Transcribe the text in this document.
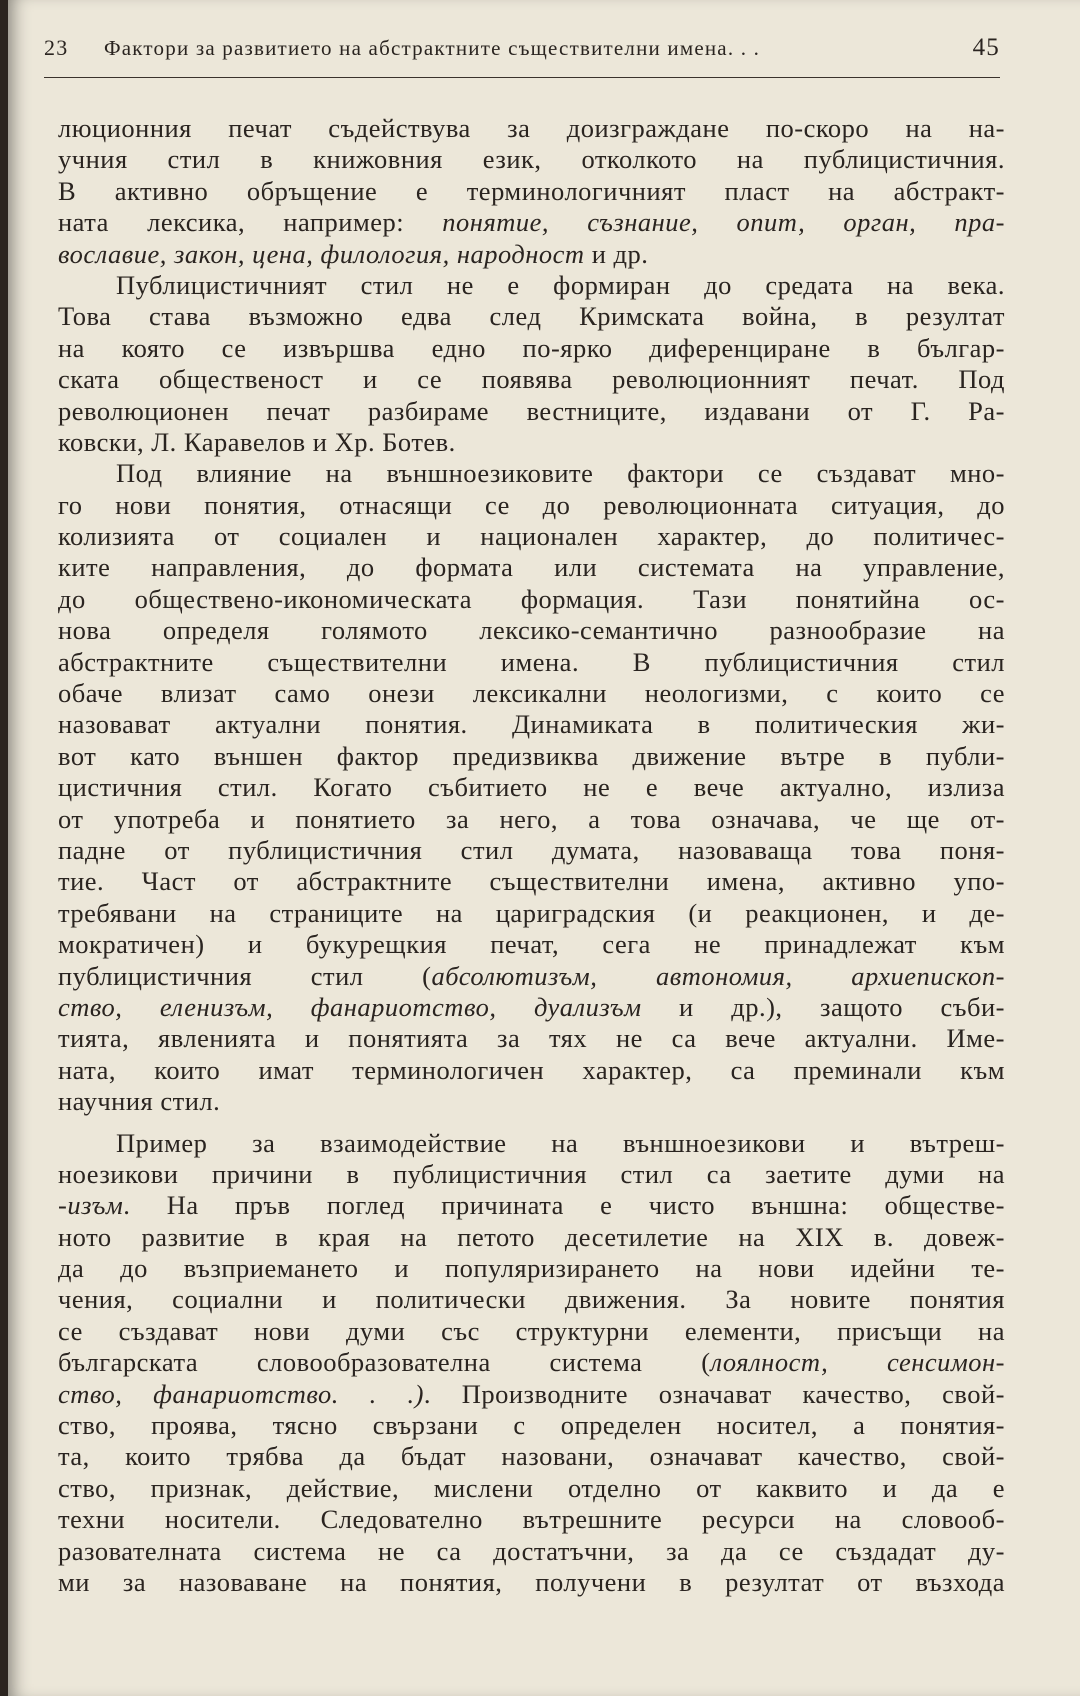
23	Фактори за развитието на абстрактните съществителни имена. . .	45
люционния печат съдействува за доизграждане по-скоро на на-
учния стил в книжовния език, отколкото на публицистичния.
В активно обръщение е терминологичният пласт на абстракт-
ната лексика, например: понятие, съзнание, опит, орган, пра-
вославие, закон, цена, филология, народност и др.
Публицистичният стил не е формиран до средата на века.
Това става възможно едва след Кримската война, в резултат
на която се извършва едно по-ярко диференциране в българ-
ската общественост и се появява революционният печат. Под
революционен печат разбираме вестниците, издавани от Г. Ра-
ковски, Л. Каравелов и Хр. Ботев.
Под влияние на външноезиковите фактори се създават мно-
го нови понятия, отнасящи се до революционната ситуация, до
колизията от социален и национален характер, до политичес-
ките направления, до формата или системата на управление,
до обществено-икономическата формация. Тази понятийна ос-
нова определя голямото лексико-семантично разнообразие на
абстрактните съществителни имена. В публицистичния стил
обаче влизат само онези лексикални неологизми, с които се
назовават актуални понятия. Динамиката в политическия жи-
вот като външен фактор предизвиква движение вътре в публи-
цистичния стил. Когато събитието не е вече актуално, излиза
от употреба и понятието за него, а това означава, че ще от-
падне от публицистичния стил думата, назоваваща това поня-
тие. Част от абстрактните съществителни имена, активно упо-
требявани на страниците на цариградския (и реакционен, и де-
мократичен) и букурещкия печат, сега не принадлежат към
публицистичния стил (абсолютизъм, автономия, архиепископ-
ство, еленизъм, фанариотство, дуализъм и др.), защото съби-
тията, явленията и понятията за тях не са вече актуални. Име-
ната, които имат терминологичен характер, са преминали към
научния стил.
Пример за взаимодействие на външноезикови и вътреш-
ноезикови причини в публицистичния стил са заетите думи на
-изъм. На пръв поглед причината е чисто външна: обществе-
ното развитие в края на петото десетилетие на XIX в. довеж-
да до възприемането и популяризирането на нови идейни те-
чения, социални и политически движения. За новите понятия
се създават нови думи със структурни елементи, присъщи на
българската словообразователна система (лоялност, сенсимон-
ство, фанариотство. . .). Производните означават качество, свой-
ство, проява, тясно свързани с определен носител, а понятия-
та, които трябва да бъдат назовани, означават качество, свой-
ство, признак, действие, мислени отделно от каквито и да е
техни носители. Следователно вътрешните ресурси на словооб-
разователната система не са достатъчни, за да се създадат ду-
ми за назоваване на понятия, получени в резултат от възхода
